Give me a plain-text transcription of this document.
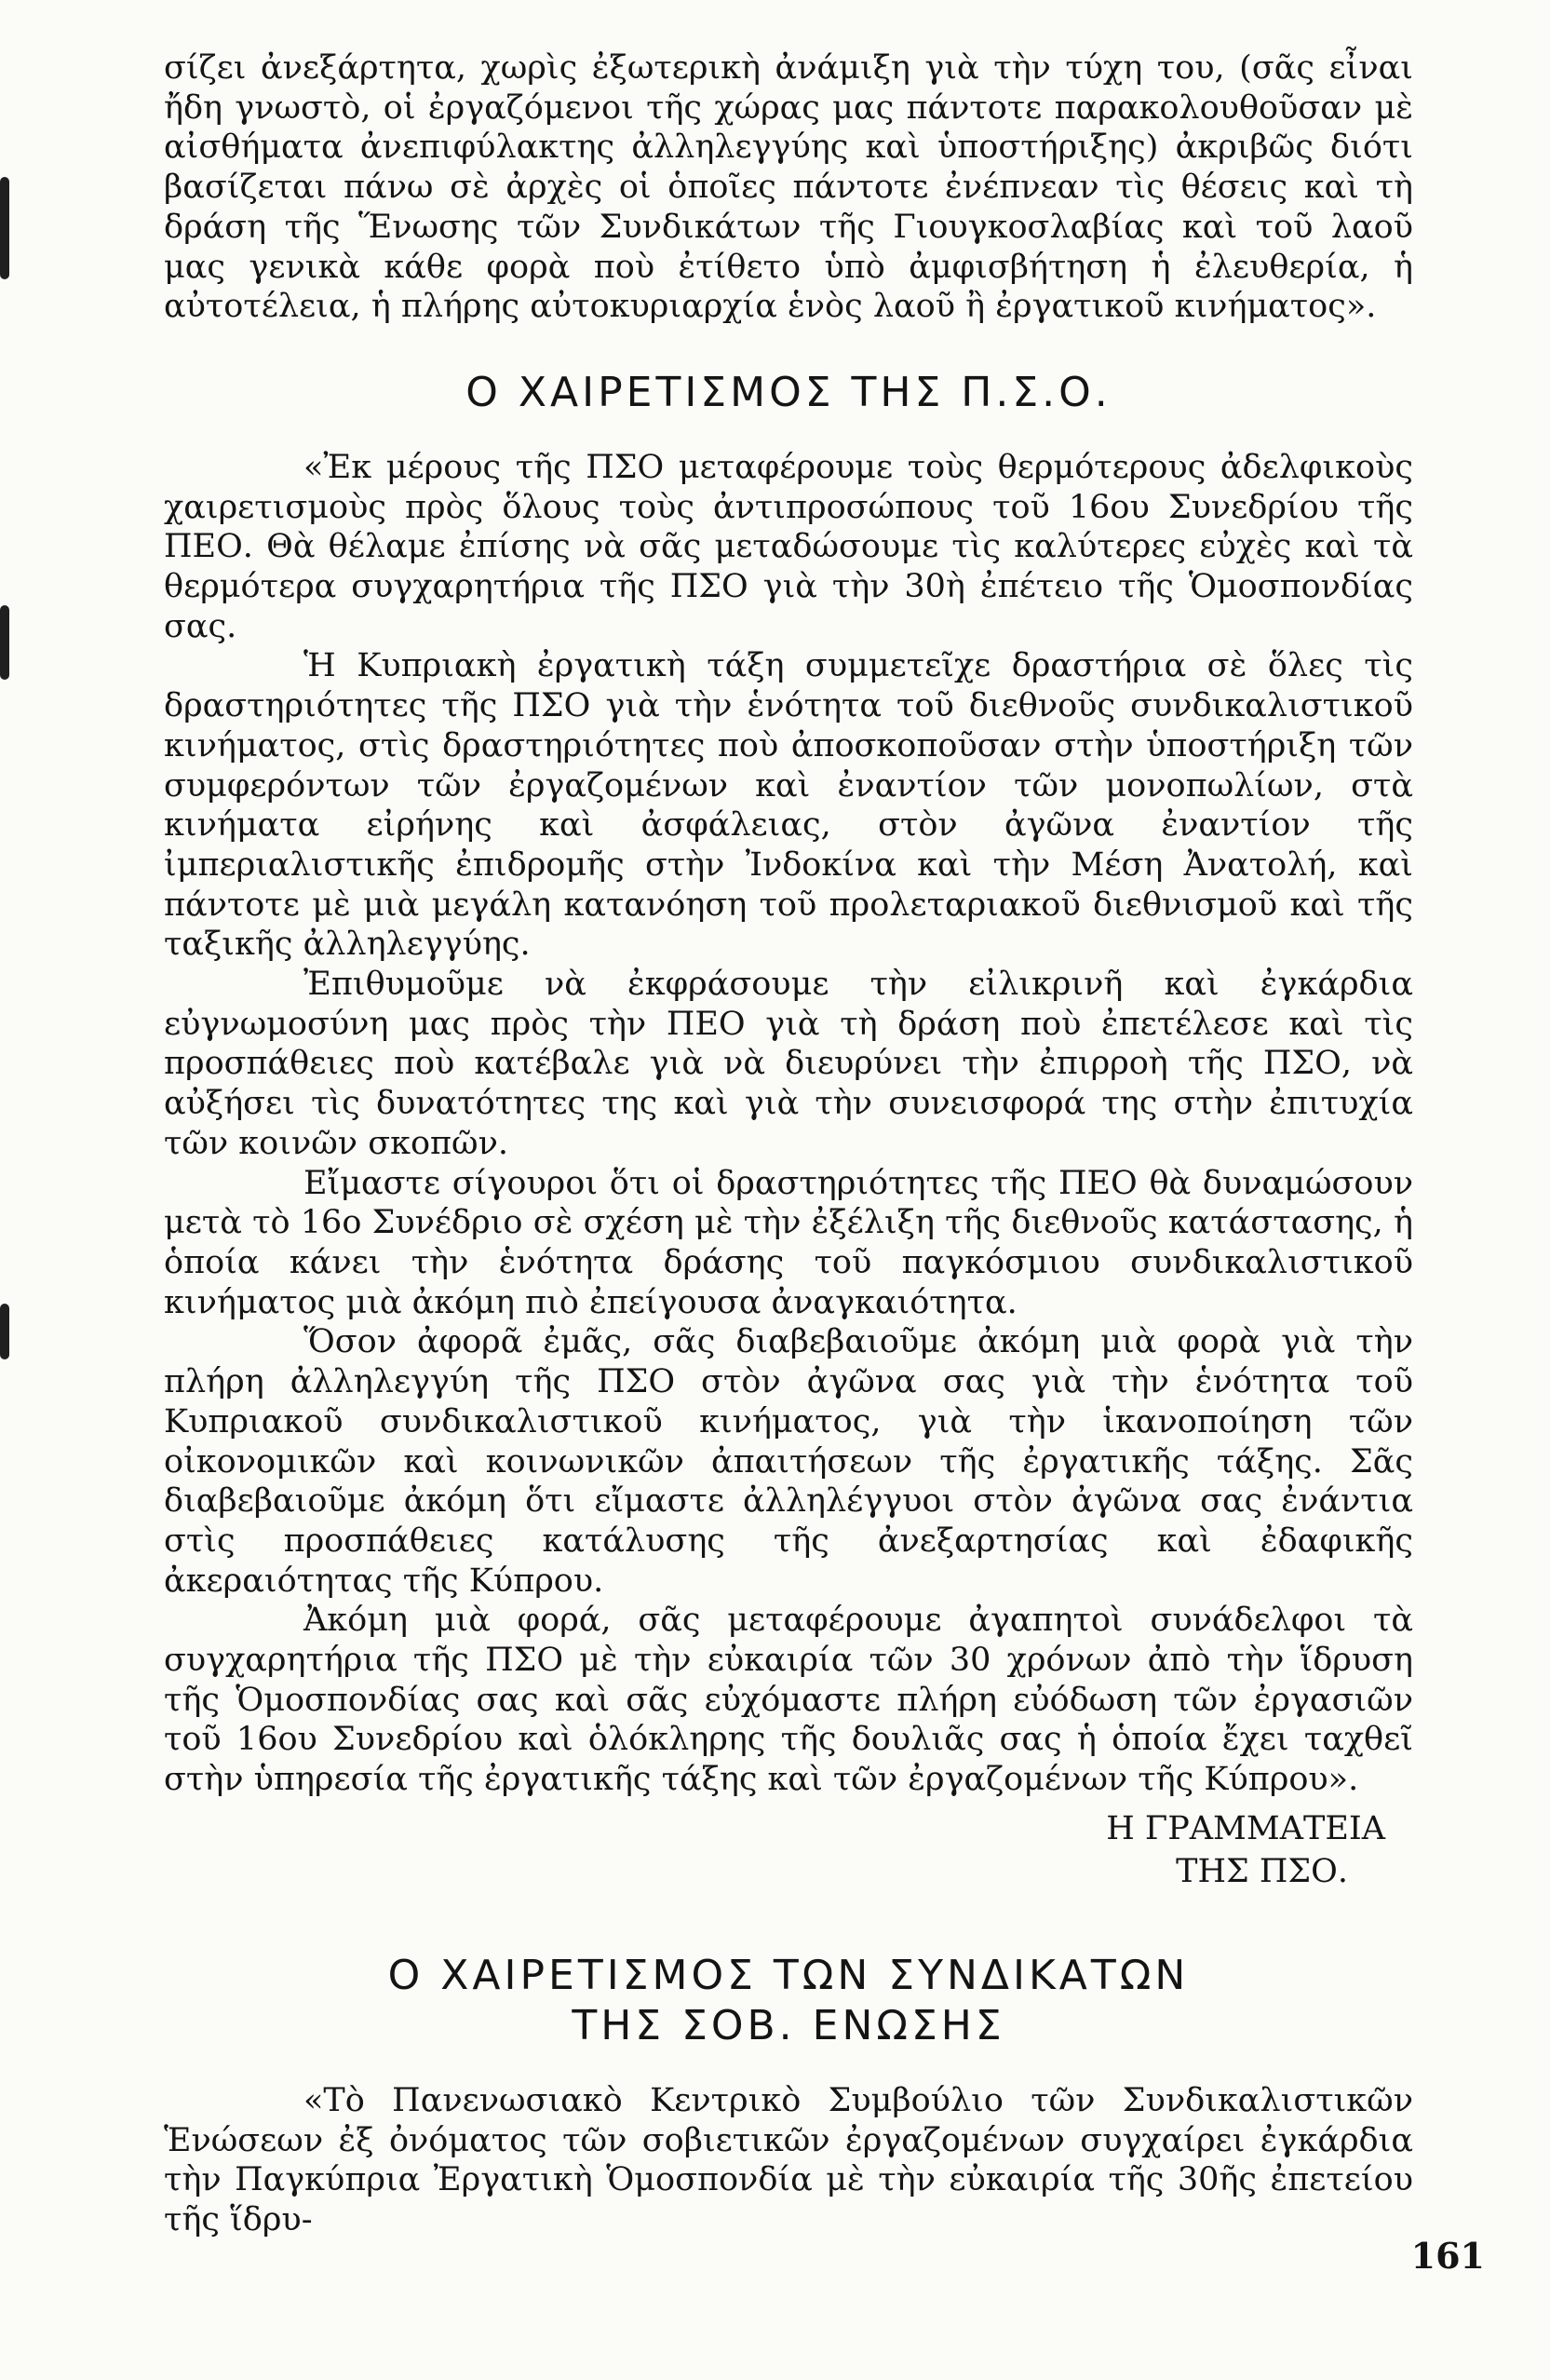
σίζει ἀνεξάρτητα, χωρὶς ἐξωτερικὴ ἀνάμιξη γιὰ τὴν τύχη του, (σᾶς εἶναι ἤδη γνωστὸ, οἱ ἐργαζόμενοι τῆς χώρας μας πάντοτε παρακολουθοῦσαν μὲ αἰσθήματα ἀνεπιφύλακτης ἀλληλεγγύης καὶ ὑποστήριξης) ἀκριβῶς διότι βασίζεται πάνω σὲ ἀρχὲς οἱ ὁποῖες πάντοτε ἐνέπνεαν τὶς θέσεις καὶ τὴ δράση τῆς Ἕνωσης τῶν Συνδικάτων τῆς Γιουγκοσλαβίας καὶ τοῦ λαοῦ μας γενικὰ κάθε φορὰ ποὺ ἐτίθετο ὑπὸ ἀμφισβήτηση ἡ ἐλευθερία, ἡ αὐτοτέλεια, ἡ πλήρης αὐτοκυριαρχία ἑνὸς λαοῦ ἢ ἐργατικοῦ κινήματος».

Ο ΧΑΙΡΕΤΙΣΜΟΣ ΤΗΣ Π.Σ.Ο.

«Ἐκ μέρους τῆς ΠΣΟ μεταφέρουμε τοὺς θερμότερους ἀδελφικοὺς χαιρετισμοὺς πρὸς ὅλους τοὺς ἀντιπροσώπους τοῦ 16ου Συνεδρίου τῆς ΠΕΟ. Θὰ θέλαμε ἐπίσης νὰ σᾶς μεταδώσουμε τὶς καλύτερες εὐχὲς καὶ τὰ θερμότερα συγχαρητήρια τῆς ΠΣΟ γιὰ τὴν 30ὴ ἐπέτειο τῆς Ὁμοσπονδίας σας.

Ἡ Κυπριακὴ ἐργατικὴ τάξη συμμετεῖχε δραστήρια σὲ ὅλες τὶς δραστηριότητες τῆς ΠΣΟ γιὰ τὴν ἑνότητα τοῦ διεθνοῦς συνδικαλιστικοῦ κινήματος, στὶς δραστηριότητες ποὺ ἀποσκοποῦσαν στὴν ὑποστήριξη τῶν συμφερόντων τῶν ἐργαζομένων καὶ ἐναντίον τῶν μονοπωλίων, στὰ κινήματα εἰρήνης καὶ ἀσφάλειας, στὸν ἀγῶνα ἐναντίον τῆς ἰμπεριαλιστικῆς ἐπιδρομῆς στὴν Ἰνδοκίνα καὶ τὴν Μέση Ἀνατολή, καὶ πάντοτε μὲ μιὰ μεγάλη κατανόηση τοῦ προλεταριακοῦ διεθνισμοῦ καὶ τῆς ταξικῆς ἀλληλεγγύης.

Ἐπιθυμοῦμε νὰ ἐκφράσουμε τὴν εἰλικρινῆ καὶ ἐγκάρδια εὐγνωμοσύνη μας πρὸς τὴν ΠΕΟ γιὰ τὴ δράση ποὺ ἐπετέλεσε καὶ τὶς προσπάθειες ποὺ κατέβαλε γιὰ νὰ διευρύνει τὴν ἐπιρροὴ τῆς ΠΣΟ, νὰ αὐξήσει τὶς δυνατότητες της καὶ γιὰ τὴν συνεισφορά της στὴν ἐπιτυχία τῶν κοινῶν σκοπῶν.

Εἴμαστε σίγουροι ὅτι οἱ δραστηριότητες τῆς ΠΕΟ θὰ δυναμώσουν μετὰ τὸ 16ο Συνέδριο σὲ σχέση μὲ τὴν ἐξέλιξη τῆς διεθνοῦς κατάστασης, ἡ ὁποία κάνει τὴν ἑνότητα δράσης τοῦ παγκόσμιου συνδικαλιστικοῦ κινήματος μιὰ ἀκόμη πιὸ ἐπείγουσα ἀναγκαιότητα.

Ὅσον ἀφορᾶ ἐμᾶς, σᾶς διαβεβαιοῦμε ἀκόμη μιὰ φορὰ γιὰ τὴν πλήρη ἀλληλεγγύη τῆς ΠΣΟ στὸν ἀγῶνα σας γιὰ τὴν ἑνότητα τοῦ Κυπριακοῦ συνδικαλιστικοῦ κινήματος, γιὰ τὴν ἱκανοποίηση τῶν οἰκονομικῶν καὶ κοινωνικῶν ἀπαιτήσεων τῆς ἐργατικῆς τάξης. Σᾶς διαβεβαιοῦμε ἀκόμη ὅτι εἴμαστε ἀλληλέγγυοι στὸν ἀγῶνα σας ἐνάντια στὶς προσπάθειες κατάλυσης τῆς ἀνεξαρτησίας καὶ ἐδαφικῆς ἀκεραιότητας τῆς Κύπρου.

Ἀκόμη μιὰ φορά, σᾶς μεταφέρουμε ἀγαπητοὶ συνάδελφοι τὰ συγχαρητήρια τῆς ΠΣΟ μὲ τὴν εὐκαιρία τῶν 30 χρόνων ἀπὸ τὴν ἵδρυση τῆς Ὁμοσπονδίας σας καὶ σᾶς εὐχόμαστε πλήρη εὐόδωση τῶν ἐργασιῶν τοῦ 16ου Συνεδρίου καὶ ὁλόκληρης τῆς δουλιᾶς σας ἡ ὁποία ἔχει ταχθεῖ στὴν ὑπηρεσία τῆς ἐργατικῆς τάξης καὶ τῶν ἐργαζομένων τῆς Κύπρου».

Η ΓΡΑΜΜΑΤΕΙΑ
ΤΗΣ ΠΣΟ.
Ο ΧΑΙΡΕΤΙΣΜΟΣ ΤΩΝ ΣΥΝΔΙΚΑΤΩΝ
ΤΗΣ ΣΟΒ. ΕΝΩΣΗΣ

«Τὸ Πανενωσιακὸ Κεντρικὸ Συμβούλιο τῶν Συνδικαλιστικῶν Ἑνώσεων ἐξ ὀνόματος τῶν σοβιετικῶν ἐργαζομένων συγχαίρει ἐγκάρδια τὴν Παγκύπρια Ἐργατικὴ Ὁμοσπονδία μὲ τὴν εὐκαιρία τῆς 30ῆς ἐπετείου τῆς ἵδρυ-

161
